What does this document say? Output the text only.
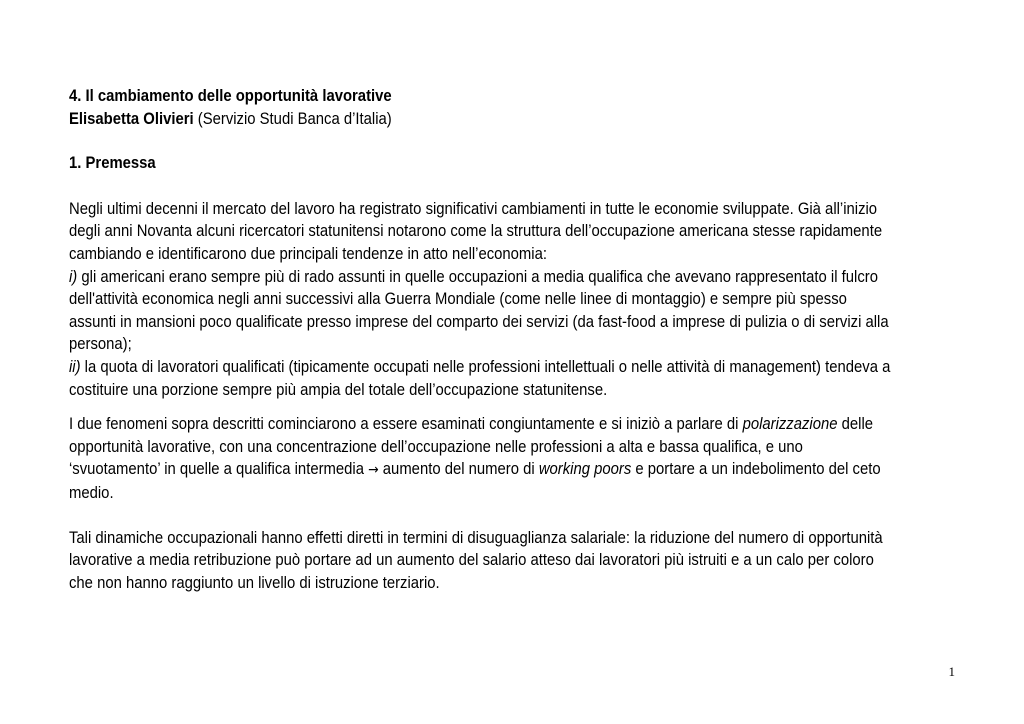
4. Il cambiamento delle opportunità lavorative
Elisabetta Olivieri (Servizio Studi Banca d’Italia)
1. Premessa
Negli ultimi decenni il mercato del lavoro ha registrato significativi cambiamenti in tutte le economie sviluppate. Già all’inizio
degli anni Novanta alcuni ricercatori statunitensi notarono come la struttura dell’occupazione americana stesse rapidamente
cambiando e identificarono due principali tendenze in atto nell’economia:
i) gli americani erano sempre più di rado assunti in quelle occupazioni a media qualifica che avevano rappresentato il fulcro
dell'attività economica negli anni successivi alla Guerra Mondiale (come nelle linee di montaggio) e sempre più spesso
assunti in mansioni poco qualificate presso imprese del comparto dei servizi (da fast-food a imprese di pulizia o di servizi alla
persona);
ii) la quota di lavoratori qualificati (tipicamente occupati nelle professioni intellettuali o nelle attività di management) tendeva a
costituire una porzione sempre più ampia del totale dell’occupazione statunitense.
I due fenomeni sopra descritti cominciarono a essere esaminati congiuntamente e si iniziò a parlare di polarizzazione delle
opportunità lavorative, con una concentrazione dell’occupazione nelle professioni a alta e bassa qualifica, e uno
‘svuotamento’ in quelle a qualifica intermedia → aumento del numero di working poors e portare a un indebolimento del ceto
medio.
Tali dinamiche occupazionali hanno effetti diretti in termini di disuguaglianza salariale: la riduzione del numero di opportunità
lavorative a media retribuzione può portare ad un aumento del salario atteso dai lavoratori più istruiti e a un calo per coloro
che non hanno raggiunto un livello di istruzione terziario.
1
